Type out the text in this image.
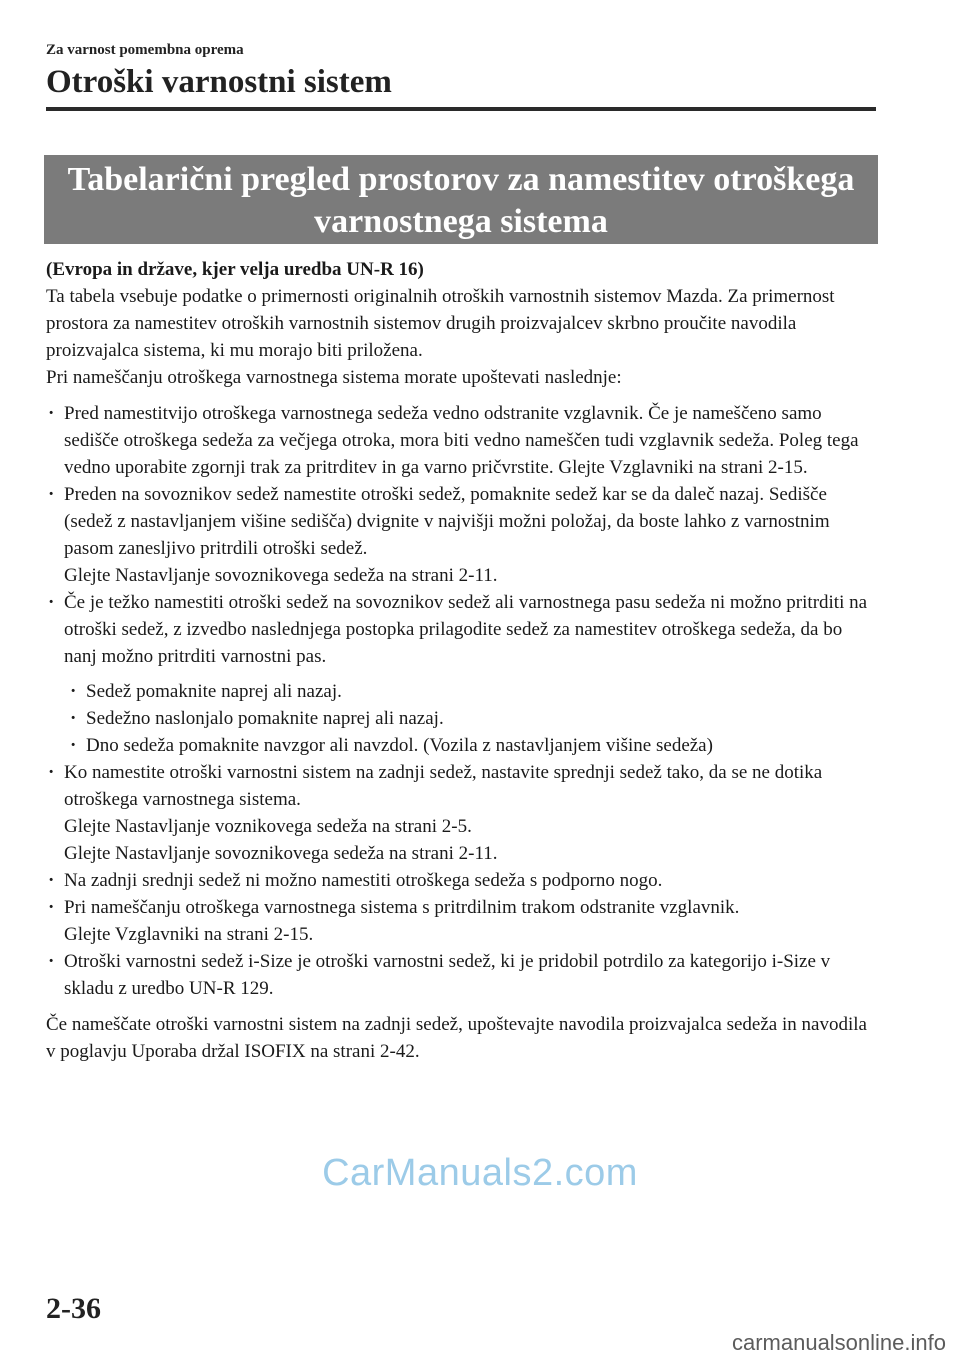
Za varnost pomembna oprema
Otroški varnostni sistem
Tabelarični pregled prostorov za namestitev otroškega
varnostnega sistema

(Evropa in države, kjer velja uredba UN-R 16)

Ta tabela vsebuje podatke o primernosti originalnih otroških varnostnih sistemov Mazda. Za primernost prostora za namestitev otroških varnostnih sistemov drugih proizvajalcev skrbno proučite navodila proizvajalca sistema, ki mu morajo biti priložena.

Pri nameščanju otroškega varnostnega sistema morate upoštevati naslednje:

· Pred namestitvijo otroškega varnostnega sedeža vedno odstranite vzglavnik. Če je nameščeno samo sedišče otroškega sedeža za večjega otroka, mora biti vedno nameščen tudi vzglavnik sedeža. Poleg tega vedno uporabite zgornji trak za pritrditev in ga varno pričvrstite. Glejte Vzglavniki na strani 2-15.
· Preden na sovoznikov sedež namestite otroški sedež, pomaknite sedež kar se da daleč nazaj. Sedišče (sedež z nastavljanjem višine sedišča) dvignite v najvišji možni položaj, da boste lahko z varnostnim pasom zanesljivo pritrdili otroški sedež.
Glejte Nastavljanje sovoznikovega sedeža na strani 2-11.
· Če je težko namestiti otroški sedež na sovoznikov sedež ali varnostnega pasu sedeža ni možno pritrditi na otroški sedež, z izvedbo naslednjega postopka prilagodite sedež za namestitev otroškega sedeža, da bo nanj možno pritrditi varnostni pas.
· Sedež pomaknite naprej ali nazaj.
· Sedežno naslonjalo pomaknite naprej ali nazaj.
· Dno sedeža pomaknite navzgor ali navzdol. (Vozila z nastavljanjem višine sedeža)
· Ko namestite otroški varnostni sistem na zadnji sedež, nastavite sprednji sedež tako, da se ne dotika otroškega varnostnega sistema.
Glejte Nastavljanje voznikovega sedeža na strani 2-5.
Glejte Nastavljanje sovoznikovega sedeža na strani 2-11.
· Na zadnji srednji sedež ni možno namestiti otroškega sedeža s podporno nogo.
· Pri nameščanju otroškega varnostnega sistema s pritrdilnim trakom odstranite vzglavnik.
Glejte Vzglavniki na strani 2-15.
· Otroški varnostni sedež i-Size je otroški varnostni sedež, ki je pridobil potrdilo za kategorijo i-Size v skladu z uredbo UN-R 129.

Če nameščate otroški varnostni sistem na zadnji sedež, upoštevajte navodila proizvajalca sedeža in navodila v poglavju Uporaba držal ISOFIX na strani 2-42.

CarManuals2.com
2-36
carmanualsonline.info
